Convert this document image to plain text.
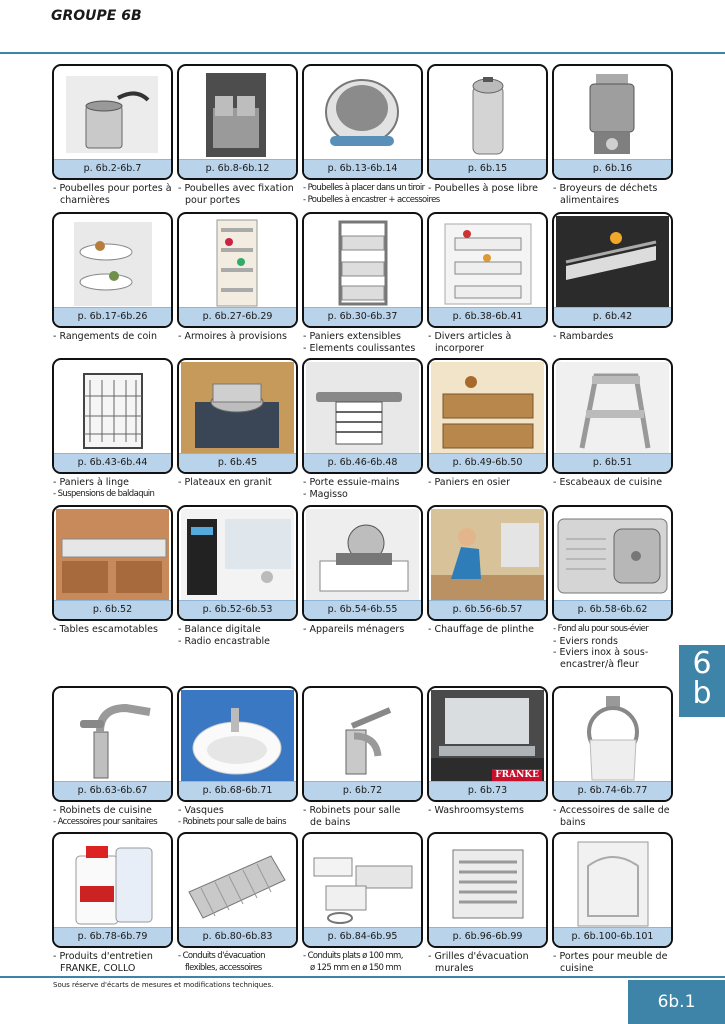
GROUPE 6B
p. 6b.2-6b.7
- Poubelles pour portes à
charnières
p. 6b.8-6b.12
- Poubelles avec fixation
pour portes
p. 6b.13-6b.14
- Poubelles à placer dans un tiroir
- Poubelles à encastrer + accessoires
p. 6b.15
- Poubelles à pose libre
p. 6b.16
- Broyeurs de déchets
alimentaires
p. 6b.17-6b.26
- Rangements de coin
p. 6b.27-6b.29
- Armoires à provisions
p. 6b.30-6b.37
- Paniers extensibles
- Elements coulissantes
p. 6b.38-6b.41
- Divers articles à
incorporer
p. 6b.42
- Rambardes
p. 6b.43-6b.44
- Paniers à linge
- Suspensions de baldaquin
p. 6b.45
- Plateaux en granit
p. 6b.46-6b.48
- Porte essuie-mains
- Magisso
p. 6b.49-6b.50
- Paniers en osier
p. 6b.51
- Escabeaux de cuisine
p. 6b.52
- Tables escamotables
p. 6b.52-6b.53
- Balance digitale
- Radio encastrable
p. 6b.54-6b.55
- Appareils ménagers
p. 6b.56-6b.57
- Chauffage de plinthe
p. 6b.58-6b.62
- Fond alu pour sous-évier
- Eviers ronds
- Eviers inox à sous-
encastrer/à fleur
p. 6b.63-6b.67
- Robinets de cuisine
- Accessoires pour sanitaires
p. 6b.68-6b.71
- Vasques
- Robinets pour salle de bains
p. 6b.72
- Robinets pour salle
de bains
FRANKE
p. 6b.73
- Washroomsystems
p. 6b.74-6b.77
- Accessoires de salle de
bains
p. 6b.78-6b.79
- Produits d'entretien
FRANKE, COLLO
p. 6b.80-6b.83
- Conduits d'évacuation
flexibles, accessoires
p. 6b.84-6b.95
- Conduits plats ø 100 mm,
ø 125 mm en ø 150 mm
p. 6b.96-6b.99
- Grilles d'évacuation
murales
p. 6b.100-6b.101
- Portes pour meuble de
cuisine
6
b
Sous réserve d'écarts de mesures et modifications techniques.
6b.1
